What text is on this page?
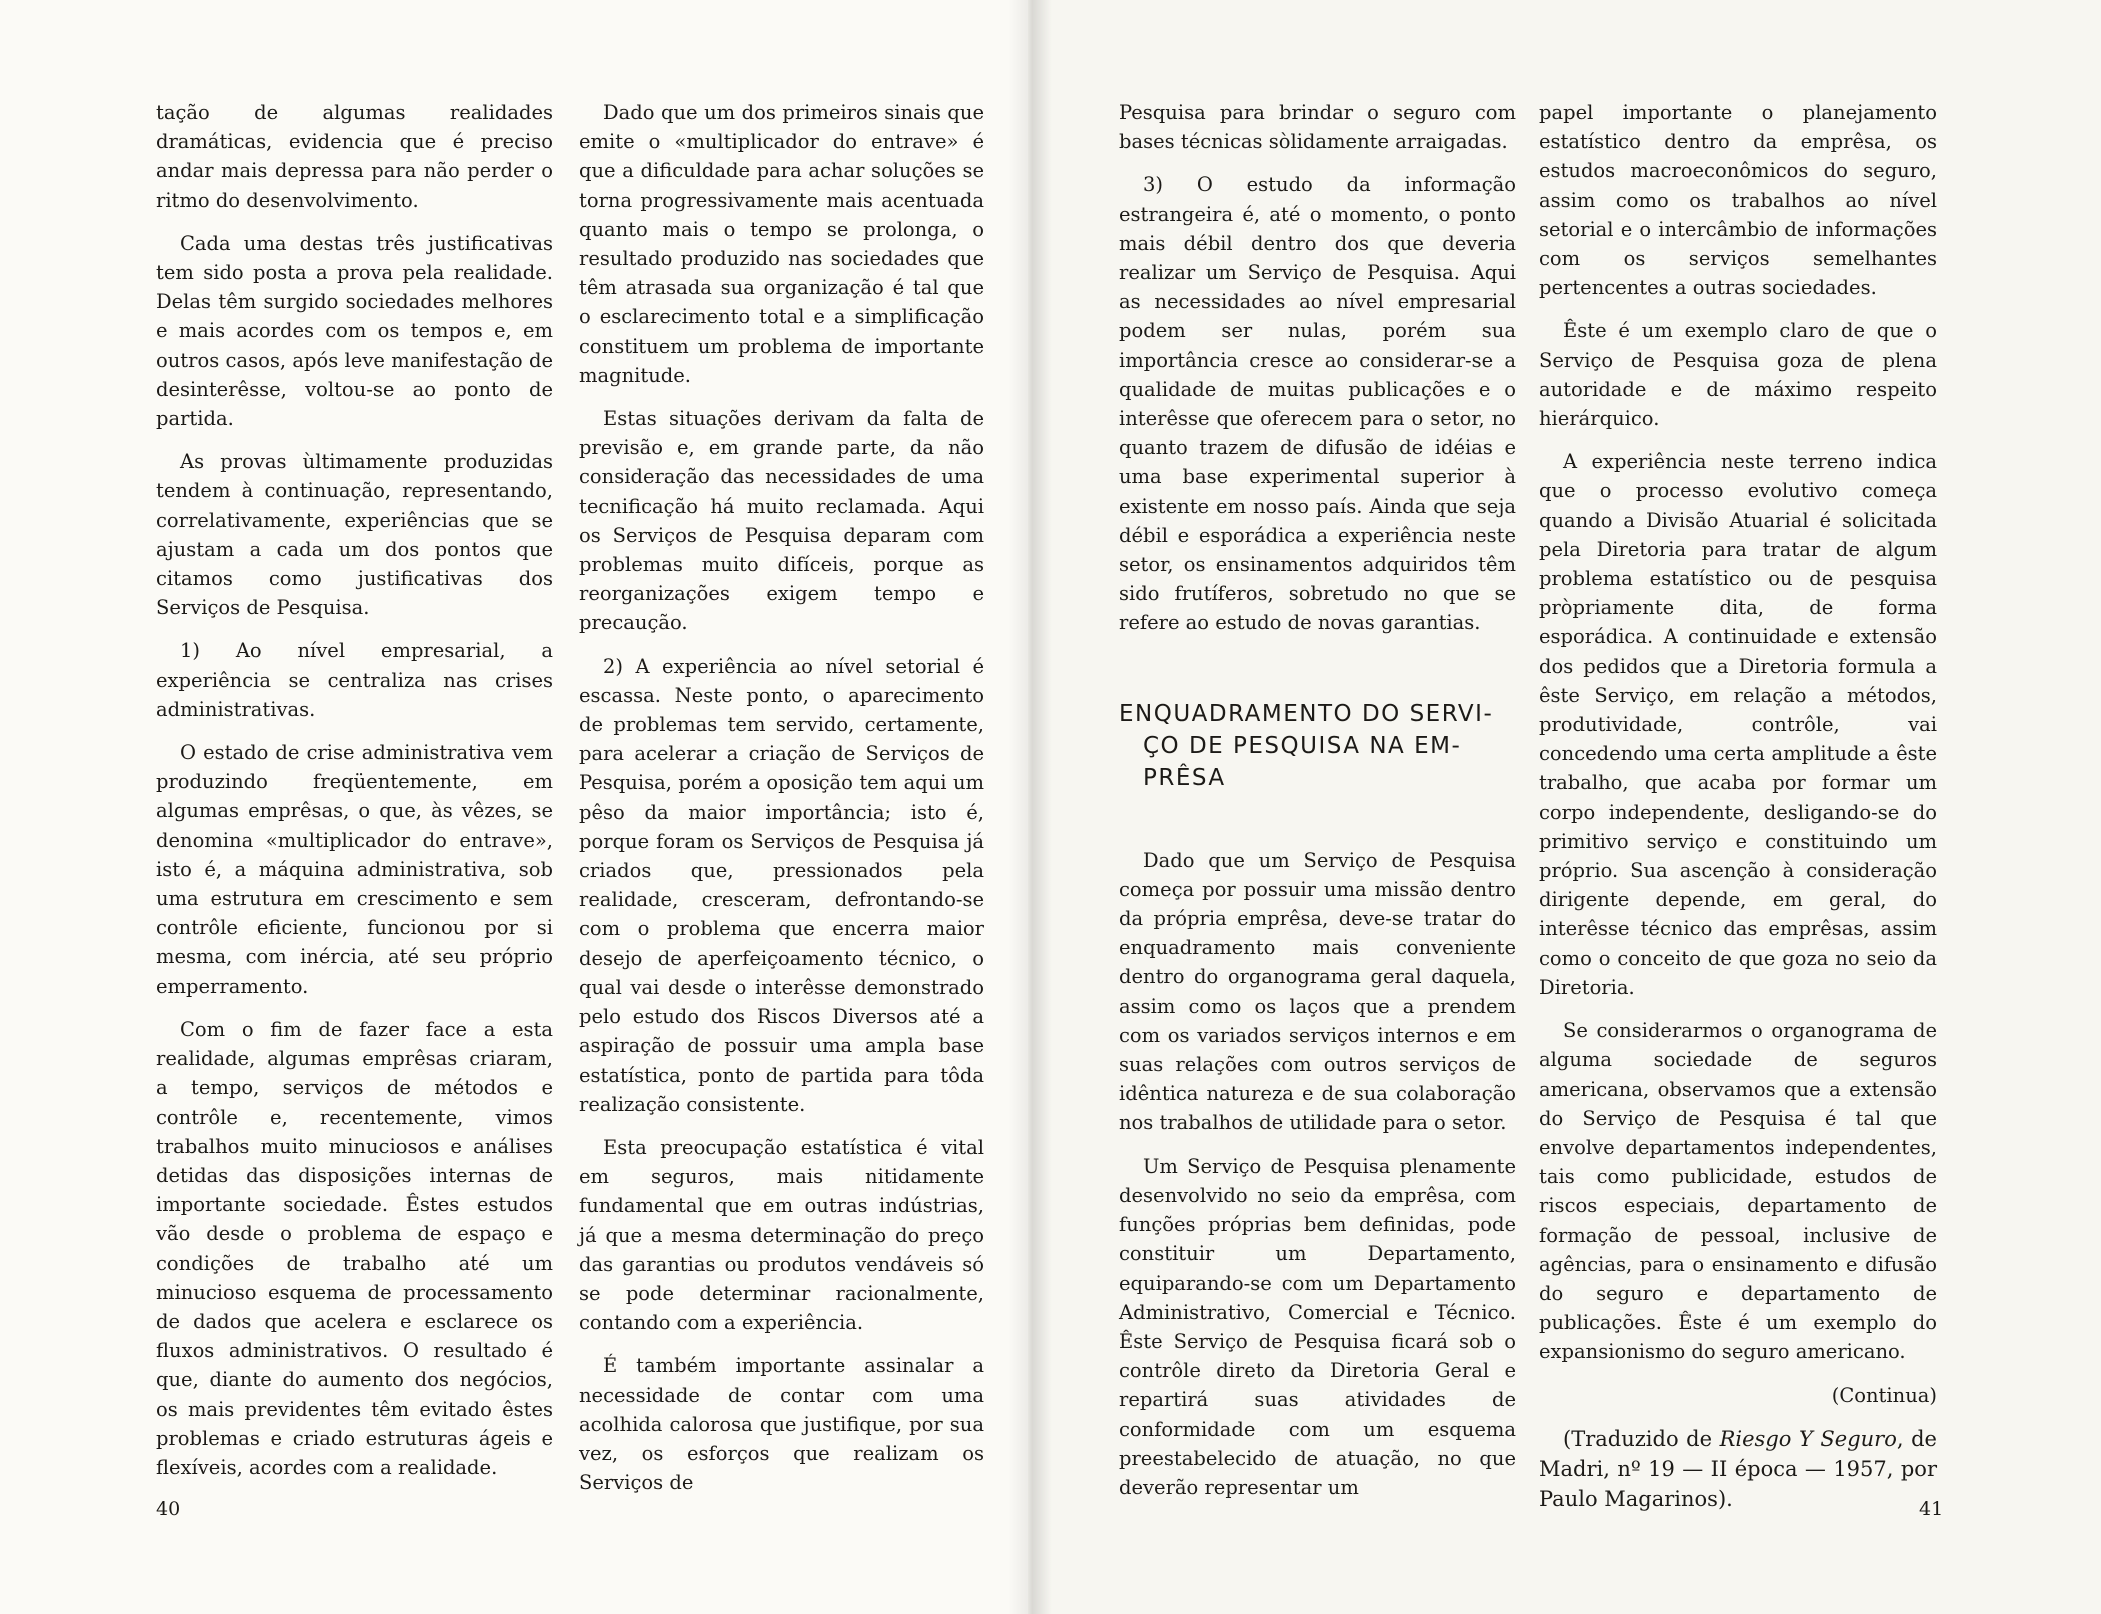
tação de algumas realidades dramáticas, evidencia que é preciso andar mais depressa para não perder o ritmo do desenvolvimento.

Cada uma destas três justificativas tem sido posta a prova pela realidade. Delas têm surgido sociedades melhores e mais acordes com os tempos e, em outros casos, após leve manifestação de desinterêsse, voltou-se ao ponto de partida.

As provas ùltimamente produzidas tendem à continuação, representando, correlativamente, experiências que se ajustam a cada um dos pontos que citamos como justificativas dos Serviços de Pesquisa.

1) Ao nível empresarial, a experiência se centraliza nas crises administrativas.

O estado de crise administrativa vem produzindo freqüentemente, em algumas emprêsas, o que, às vêzes, se denomina «multiplicador do entrave», isto é, a máquina administrativa, sob uma estrutura em crescimento e sem contrôle eficiente, funcionou por si mesma, com inércia, até seu próprio emperramento.

Com o fim de fazer face a esta realidade, algumas emprêsas criaram, a tempo, serviços de métodos e contrôle e, recentemente, vimos trabalhos muito minuciosos e análises detidas das disposições internas de importante sociedade. Êstes estudos vão desde o problema de espaço e condições de trabalho até um minucioso esquema de processamento de dados que acelera e esclarece os fluxos administrativos. O resultado é que, diante do aumento dos negócios, os mais previdentes têm evitado êstes problemas e criado estruturas ágeis e flexíveis, acordes com a realidade.

Dado que um dos primeiros sinais que emite o «multiplicador do entrave» é que a dificuldade para achar soluções se torna progressivamente mais acentuada quanto mais o tempo se prolonga, o resultado produzido nas sociedades que têm atrasada sua organização é tal que o esclarecimento total e a simplificação constituem um problema de importante magnitude.

Estas situações derivam da falta de previsão e, em grande parte, da não consideração das necessidades de uma tecnificação há muito reclamada. Aqui os Serviços de Pesquisa deparam com problemas muito difíceis, porque as reorganizações exigem tempo e precaução.

2) A experiência ao nível setorial é escassa. Neste ponto, o aparecimento de problemas tem servido, certamente, para acelerar a criação de Serviços de Pesquisa, porém a oposição tem aqui um pêso da maior importância; isto é, porque foram os Serviços de Pesquisa já criados que, pressionados pela realidade, cresceram, defrontando-se com o problema que encerra maior desejo de aperfeiçoamento técnico, o qual vai desde o interêsse demonstrado pelo estudo dos Riscos Diversos até a aspiração de possuir uma ampla base estatística, ponto de partida para tôda realização consistente.

Esta preocupação estatística é vital em seguros, mais nitidamente fundamental que em outras indústrias, já que a mesma determinação do preço das garantias ou produtos vendáveis só se pode determinar racionalmente, contando com a experiência.

É também importante assinalar a necessidade de contar com uma acolhida calorosa que justifique, por sua vez, os esforços que realizam os Serviços de

40

Pesquisa para brindar o seguro com bases técnicas sòlidamente arraigadas.

3) O estudo da informação estrangeira é, até o momento, o ponto mais débil dentro dos que deveria realizar um Serviço de Pesquisa. Aqui as necessidades ao nível empresarial podem ser nulas, porém sua importância cresce ao considerar-se a qualidade de muitas publicações e o interêsse que oferecem para o setor, no quanto trazem de difusão de idéias e uma base experimental superior à existente em nosso país. Ainda que seja débil e esporádica a experiência neste setor, os ensinamentos adquiridos têm sido frutíferos, sobretudo no que se refere ao estudo de novas garantias.

ENQUADRAMENTO DO SERVI-
ÇO DE PESQUISA NA EM-
PRÊSA

Dado que um Serviço de Pesquisa começa por possuir uma missão dentro da própria emprêsa, deve-se tratar do enquadramento mais conveniente dentro do organograma geral daquela, assim como os laços que a prendem com os variados serviços internos e em suas relações com outros serviços de idêntica natureza e de sua colaboração nos trabalhos de utilidade para o setor.

Um Serviço de Pesquisa plenamente desenvolvido no seio da emprêsa, com funções próprias bem definidas, pode constituir um Departamento, equiparando-se com um Departamento Administrativo, Comercial e Técnico. Êste Serviço de Pesquisa ficará sob o contrôle direto da Diretoria Geral e repartirá suas atividades de conformidade com um esquema preestabelecido de atuação, no que deverão representar um

papel importante o planejamento estatístico dentro da emprêsa, os estudos macroeconômicos do seguro, assim como os trabalhos ao nível setorial e o intercâmbio de informações com os serviços semelhantes pertencentes a outras sociedades.

Êste é um exemplo claro de que o Serviço de Pesquisa goza de plena autoridade e de máximo respeito hierárquico.

A experiência neste terreno indica que o processo evolutivo começa quando a Divisão Atuarial é solicitada pela Diretoria para tratar de algum problema estatístico ou de pesquisa pròpriamente dita, de forma esporádica. A continuidade e extensão dos pedidos que a Diretoria formula a êste Serviço, em relação a métodos, produtividade, contrôle, vai concedendo uma certa amplitude a êste trabalho, que acaba por formar um corpo independente, desligando-se do primitivo serviço e constituindo um próprio. Sua ascenção à consideração dirigente depende, em geral, do interêsse técnico das emprêsas, assim como o conceito de que goza no seio da Diretoria.

Se considerarmos o organograma de alguma sociedade de seguros americana, observamos que a extensão do Serviço de Pesquisa é tal que envolve departamentos independentes, tais como publicidade, estudos de riscos especiais, departamento de formação de pessoal, inclusive de agências, para o ensinamento e difusão do seguro e departamento de publicações. Êste é um exemplo do expansionismo do seguro americano.

(Continua)

(Traduzido de Riesgo Y Seguro, de Madri, nº 19 — II época — 1957, por Paulo Magarinos).	41
